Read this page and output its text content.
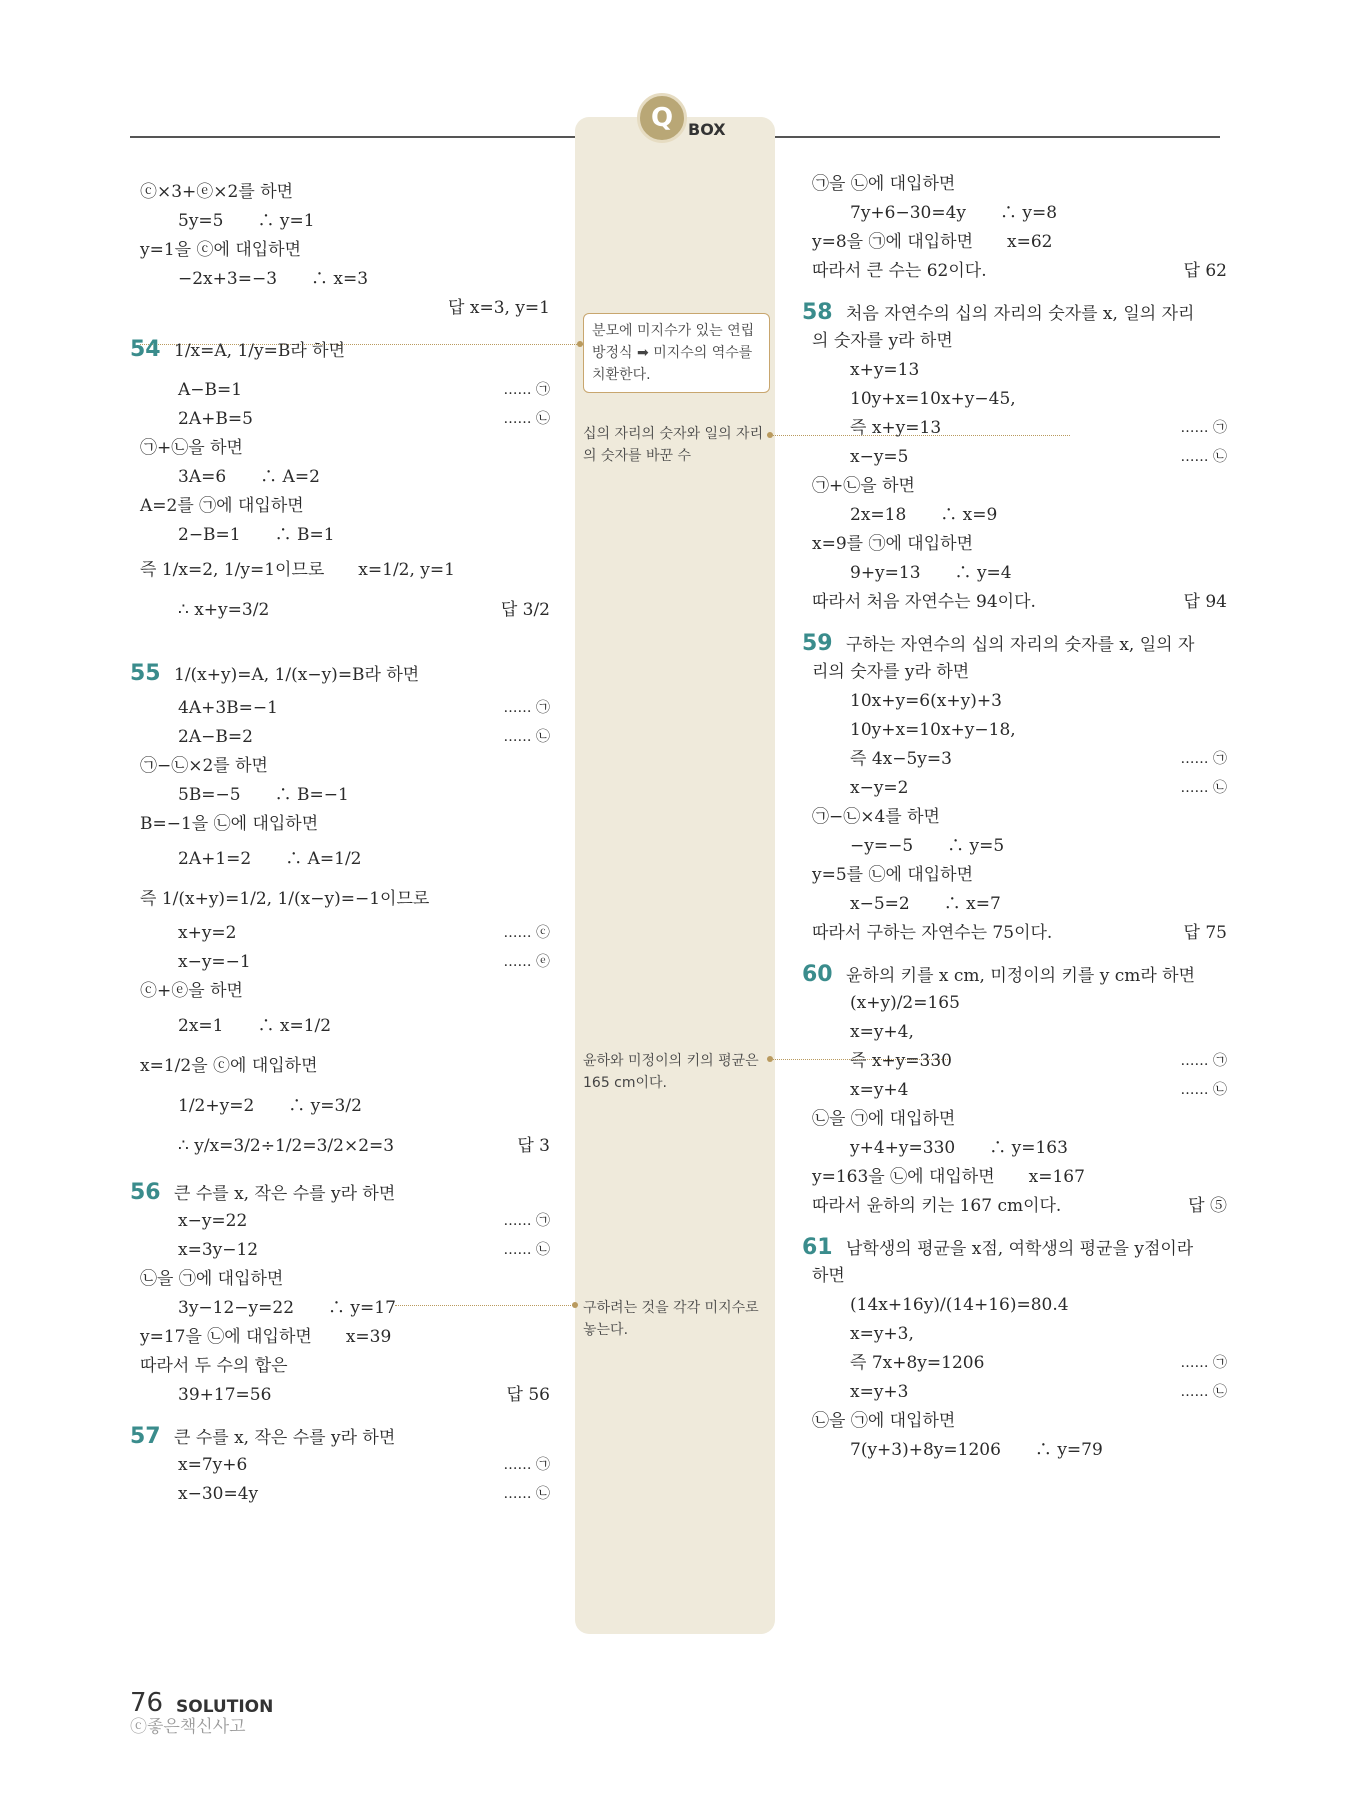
Q BOX
분모에 미지수가 있는 연립 방정식 ➡ 미지수의 역수를 치환한다.
십의 자리의 숫자와 일의 자리의 숫자를 바꾼 수
윤하와 미정이의 키의 평균은 165 cm이다.
구하려는 것을 각각 미지수로 놓는다.
ⓒ×3+ⓔ×2를 하면
5y=5　　∴ y=1
y=1을 ⓒ에 대입하면
−2x+3=−3　　∴ x=3
답 x=3, y=1
54 1/x=A, 1/y=B라 하면
A−B=1	…… ㉠
2A+B=5	…… ㉡
㉠+㉡을 하면
3A=6　　∴ A=2
A=2를 ㉠에 대입하면
2−B=1　　∴ B=1
즉 1/x=2, 1/y=1이므로　　x=1/2, y=1
∴ x+y=3/2	답 3/2
55 1/(x+y)=A, 1/(x−y)=B라 하면
4A+3B=−1	…… ㉠
2A−B=2	…… ㉡
㉠−㉡×2를 하면
5B=−5　　∴ B=−1
B=−1을 ㉡에 대입하면
2A+1=2　　∴ A=1/2
즉 1/(x+y)=1/2, 1/(x−y)=−1이므로
x+y=2	…… ⓒ
x−y=−1	…… ⓔ
ⓒ+ⓔ을 하면
2x=1　　∴ x=1/2
x=1/2을 ⓒ에 대입하면
1/2+y=2　　∴ y=3/2
∴ y/x=3/2÷1/2=3/2×2=3	답 3
56 큰 수를 x, 작은 수를 y라 하면
x−y=22	…… ㉠
x=3y−12	…… ㉡
㉡을 ㉠에 대입하면
3y−12−y=22　　∴ y=17
y=17을 ㉡에 대입하면　　x=39
따라서 두 수의 합은
39+17=56	답 56
57 큰 수를 x, 작은 수를 y라 하면
x=7y+6	…… ㉠
x−30=4y	…… ㉡
㉠을 ㉡에 대입하면
7y+6−30=4y　　∴ y=8
y=8을 ㉠에 대입하면　　x=62
따라서 큰 수는 62이다.	답 62
58 처음 자연수의 십의 자리의 숫자를 x, 일의 자리
의 숫자를 y라 하면
x+y=13
10y+x=10x+y−45,
즉 x+y=13	…… ㉠
x−y=5	…… ㉡
㉠+㉡을 하면
2x=18　　∴ x=9
x=9를 ㉠에 대입하면
9+y=13　　∴ y=4
따라서 처음 자연수는 94이다.	답 94
59 구하는 자연수의 십의 자리의 숫자를 x, 일의 자
리의 숫자를 y라 하면
10x+y=6(x+y)+3
10y+x=10x+y−18,
즉 4x−5y=3	…… ㉠
x−y=2	…… ㉡
㉠−㉡×4를 하면
−y=−5　　∴ y=5
y=5를 ㉡에 대입하면
x−5=2　　∴ x=7
따라서 구하는 자연수는 75이다.	답 75
60 윤하의 키를 x cm, 미정이의 키를 y cm라 하면
(x+y)/2=165
x=y+4,
즉 x+y=330	…… ㉠
x=y+4	…… ㉡
㉡을 ㉠에 대입하면
y+4+y=330　　∴ y=163
y=163을 ㉡에 대입하면　　x=167
따라서 윤하의 키는 167 cm이다.	답 ⑤
61 남학생의 평균을 x점, 여학생의 평균을 y점이라
하면
(14x+16y)/(14+16)=80.4
x=y+3,
즉 7x+8y=1206	…… ㉠
x=y+3	…… ㉡
㉡을 ㉠에 대입하면
7(y+3)+8y=1206　　∴ y=79
76 SOLUTION
ⓒ좋은책신사고
